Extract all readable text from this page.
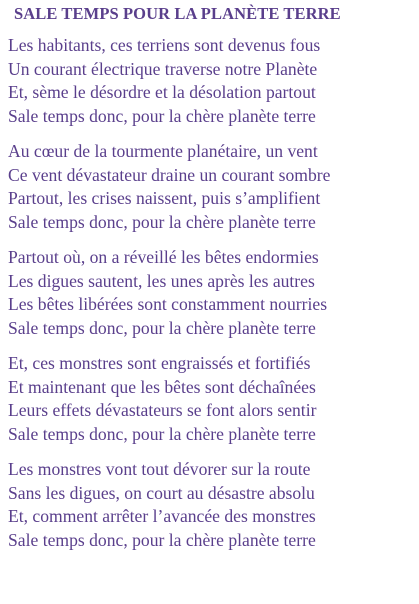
SALE TEMPS POUR LA PLANÈTE TERRE
Les habitants, ces terriens sont devenus fous
Un courant électrique traverse notre Planète
Et, sème le désordre et la désolation partout
Sale temps donc, pour la chère planète terre
Au cœur de la tourmente planétaire, un vent
Ce vent dévastateur draine un courant sombre
Partout, les crises naissent, puis s’amplifient
Sale temps donc, pour la chère planète terre
Partout où, on a réveillé les bêtes endormies
Les digues sautent, les unes après les autres
Les bêtes libérées sont constamment nourries
Sale temps donc, pour la chère planète terre
Et, ces monstres sont engraissés et fortifiés
Et maintenant que les bêtes sont déchaînées
Leurs effets dévastateurs se font alors sentir
Sale temps donc, pour la chère planète terre
Les monstres vont tout dévorer sur la route
Sans les digues, on court au désastre absolu
Et, comment arrêter l’avancée des monstres
Sale temps donc, pour la chère planète terre
